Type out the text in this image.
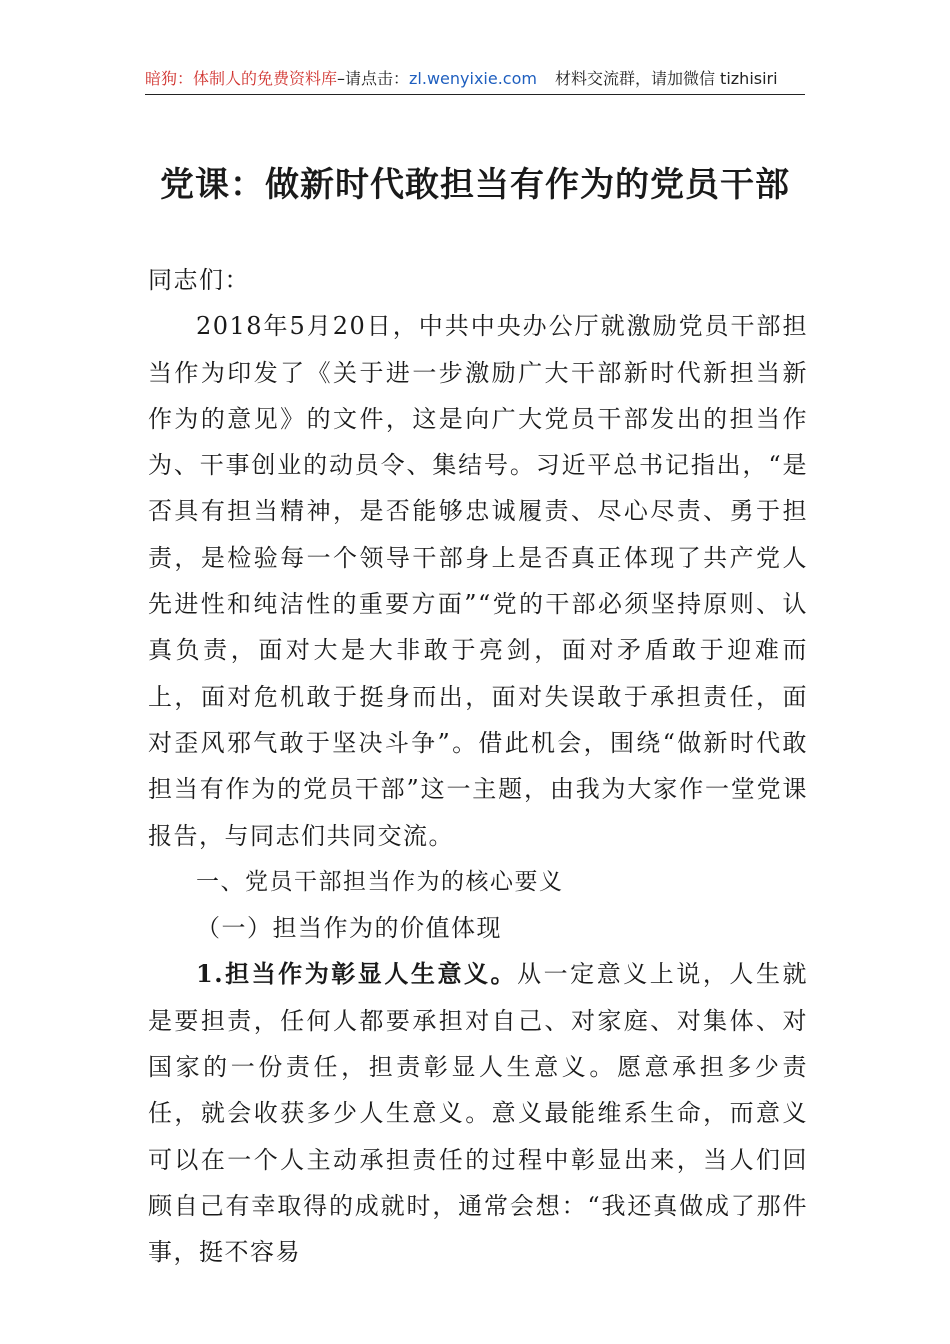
暗狗：体制人的免费资料库–请点击：zl.wenyixie.com 材料交流群，请加微信 tizhisiri
党课：做新时代敢担当有作为的党员干部

同志们：

2018年5月20日，中共中央办公厅就激励党员干部担当作为印发了《关于进一步激励广大干部新时代新担当新作为的意见》的文件，这是向广大党员干部发出的担当作为、干事创业的动员令、集结号。习近平总书记指出，“是否具有担当精神，是否能够忠诚履责、尽心尽责、勇于担责，是检验每一个领导干部身上是否真正体现了共产党人先进性和纯洁性的重要方面”“党的干部必须坚持原则、认真负责，面对大是大非敢于亮剑，面对矛盾敢于迎难而上，面对危机敢于挺身而出，面对失误敢于承担责任，面对歪风邪气敢于坚决斗争”。借此机会，围绕“做新时代敢担当有作为的党员干部”这一主题，由我为大家作一堂党课报告，与同志们共同交流。

一、党员干部担当作为的核心要义

（一）担当作为的价值体现

1.担当作为彰显人生意义。从一定意义上说，人生就是要担责，任何人都要承担对自己、对家庭、对集体、对国家的一份责任，担责彰显人生意义。愿意承担多少责任，就会收获多少人生意义。意义最能维系生命，而意义可以在一个人主动承担责任的过程中彰显出来，当人们回顾自己有幸取得的成就时，通常会想：“我还真做成了那件事，挺不容易
